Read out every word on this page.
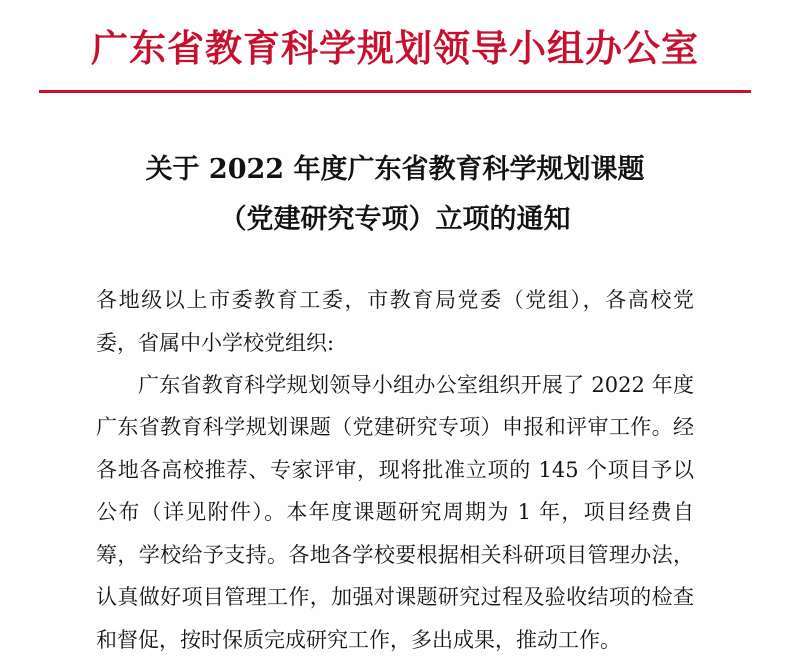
广东省教育科学规划领导小组办公室
关于 2022 年度广东省教育科学规划课题
（党建研究专项）立项的通知

各地级以上市委教育工委，市教育局党委（党组），各高校党委，省属中小学校党组织:

广东省教育科学规划领导小组办公室组织开展了 2022 年度广东省教育科学规划课题（党建研究专项）申报和评审工作。经各地各高校推荐、专家评审，现将批准立项的 145 个项目予以公布（详见附件）。本年度课题研究周期为 1 年，项目经费自筹，学校给予支持。各地各学校要根据相关科研项目管理办法，认真做好项目管理工作，加强对课题研究过程及验收结项的检查和督促，按时保质完成研究工作，多出成果，推动工作。
